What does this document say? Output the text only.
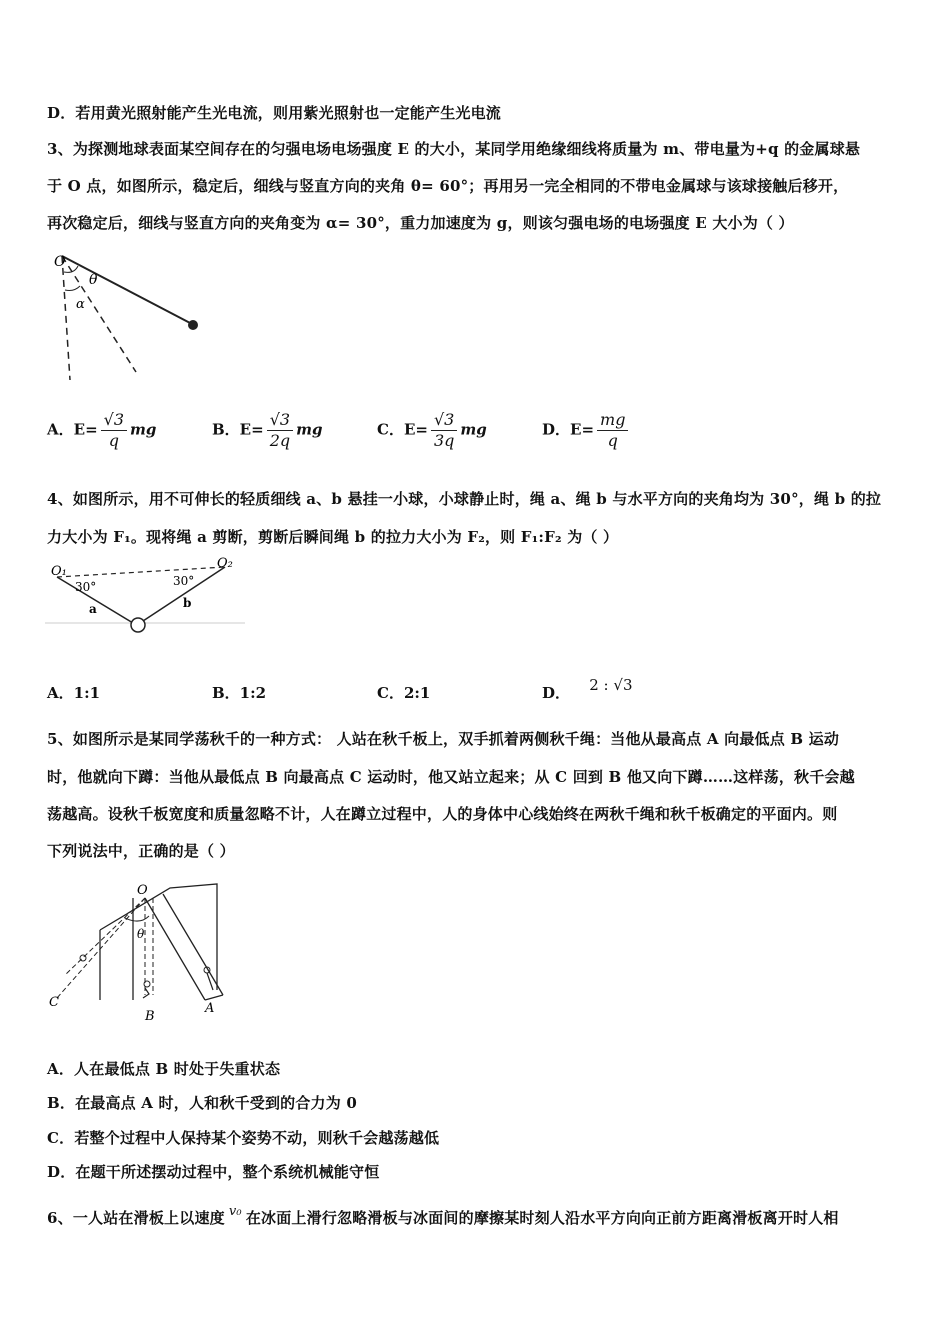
D．若用黄光照射能产生光电流，则用紫光照射也一定能产生光电流
3、为探测地球表面某空间存在的匀强电场电场强度 E 的大小，某同学用绝缘细线将质量为 m、带电量为+q 的金属球悬
于 O 点，如图所示，稳定后，细线与竖直方向的夹角 θ= 60°；再用另一完全相同的不带电金属球与该球接触后移开，
再次稳定后，细线与竖直方向的夹角变为 α= 30°，重力加速度为 g，则该匀强电场的电场强度 E 大小为（ ）
O
θ
α
A．$E= \frac{√3}{q}$ mg	B．$E= \frac{√3}{2q}$ mg	C．$E= \frac{√3}{3q}$ mg	D．$E= \frac{mg}{q}$
4、如图所示，用不可伸长的轻质细线 a、b 悬挂一小球，小球静止时，绳 a、绳 b 与水平方向的夹角均为 30°，绳 b 的拉
力大小为 F₁。现将绳 a 剪断，剪断后瞬间绳 b 的拉力大小为 F₂，则 F₁:F₂ 为（ ）
O₁
O₂
30°	30°
a	b
A．1:1	B．1:2	C．2:1	D． 2 : √3
5、如图所示是某同学荡秋千的一种方式： 人站在秋千板上，双手抓着两侧秋千绳：当他从最高点 A 向最低点 B 运动
时，他就向下蹲：当他从最低点 B 向最高点 C 运动时，他又站立起来；从 C 回到 B 他又向下蹲……这样荡，秋千会越
荡越高。设秋千板宽度和质量忽略不计，人在蹲立过程中，人的身体中心线始终在两秋千绳和秋千板确定的平面内。则
下列说法中，正确的是（ ）
O
θ
A
B
C
A．人在最低点 B 时处于失重状态
B．在最高点 A 时，人和秋千受到的合力为 0
C．若整个过程中人保持某个姿势不动，则秋千会越荡越低
D．在题干所述摆动过程中，整个系统机械能守恒
6、一人站在滑板上以速度 v₀ 在冰面上滑行忽略滑板与冰面间的摩擦某时刻人沿水平方向向正前方距离滑板离开时人相
